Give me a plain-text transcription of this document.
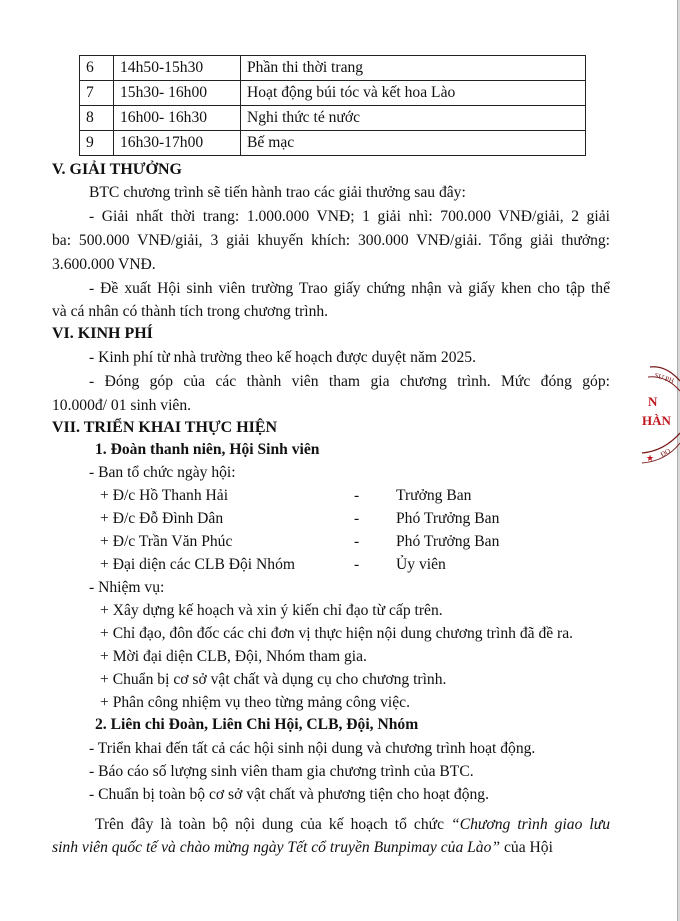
6	14h50-15h30	Phần thi thời trang
7	15h30- 16h00	Hoạt động búi tóc và kết hoa Lào
8	16h00- 16h30	Nghi thức té nước
9	16h30-17h00	Bế mạc
V. GIẢI THƯỞNG
BTC chương trình sẽ tiến hành trao các giải thưởng sau đây:
- Giải nhất thời trang: 1.000.000 VNĐ; 1 giải nhì: 700.000 VNĐ/giải, 2 giải
ba: 500.000 VNĐ/giải, 3 giải khuyến khích: 300.000 VNĐ/giải. Tổng giải thưởng:
3.600.000 VNĐ.
- Đề xuất Hội sinh viên trường Trao giấy chứng nhận và giấy khen cho tập thể
và cá nhân có thành tích trong chương trình.
VI. KINH PHÍ
- Kinh phí từ nhà trường theo kế hoạch được duyệt năm 2025.
- Đóng góp của các thành viên tham gia chương trình. Mức đóng góp:
10.000đ/ 01 sinh viên.
VII. TRIỂN KHAI THỰC HIỆN
1. Đoàn thanh niên, Hội Sinh viên
- Ban tổ chức ngày hội:
+ Đ/c Hồ Thanh Hải	- Trưởng Ban
+ Đ/c Đỗ Đình Dân	- Phó Trưởng Ban
+ Đ/c Trần Văn Phúc	- Phó Trưởng Ban
+ Đại diện các CLB Đội Nhóm	- Ủy viên
- Nhiệm vụ:
+ Xây dựng kế hoạch và xin ý kiến chỉ đạo từ cấp trên.
+ Chỉ đạo, đôn đốc các chi đơn vị thực hiện nội dung chương trình đã đề ra.
+ Mời đại diện CLB, Đội, Nhóm tham gia.
+ Chuẩn bị cơ sở vật chất và dụng cụ cho chương trình.
+ Phân công nhiệm vụ theo từng mảng công việc.
2. Liên chi Đoàn, Liên Chi Hội, CLB, Đội, Nhóm
- Triển khai đến tất cả các hội sinh nội dung và chương trình hoạt động.
- Báo cáo số lượng sinh viên tham gia chương trình của BTC.
- Chuẩn bị toàn bộ cơ sở vật chất và phương tiện cho hoạt động.
Trên đây là toàn bộ nội dung của kế hoạch tổ chức “Chương trình giao lưu
sinh viên quốc tế và chào mừng ngày Tết cổ truyền Bunpimay của Lào” của Hội
SƯ PH
N
HÀN
★ ĐO
